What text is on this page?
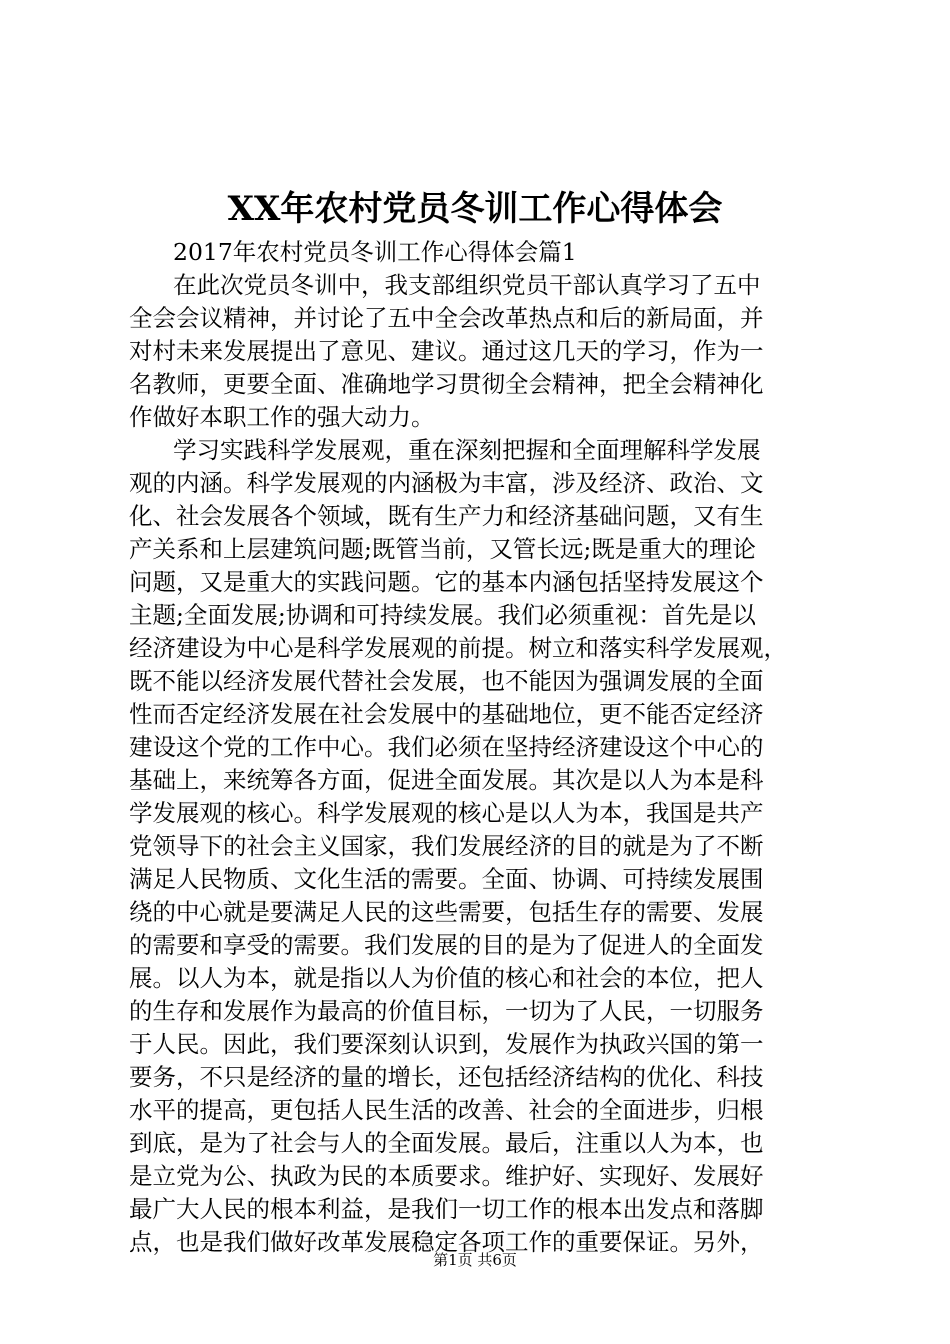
XX年农村党员冬训工作心得体会
2017年农村党员冬训工作心得体会篇1
在此次党员冬训中，我支部组织党员干部认真学习了五中
全会会议精神，并讨论了五中全会改革热点和后的新局面，并
对村未来发展提出了意见、建议。通过这几天的学习，作为一
名教师，更要全面、准确地学习贯彻全会精神，把全会精神化
作做好本职工作的强大动力。
学习实践科学发展观，重在深刻把握和全面理解科学发展
观的内涵。科学发展观的内涵极为丰富，涉及经济、政治、文
化、社会发展各个领域，既有生产力和经济基础问题，又有生
产关系和上层建筑问题;既管当前，又管长远;既是重大的理论
问题，又是重大的实践问题。它的基本内涵包括坚持发展这个
主题;全面发展;协调和可持续发展。我们必须重视：首先是以
经济建设为中心是科学发展观的前提。树立和落实科学发展观，
既不能以经济发展代替社会发展，也不能因为强调发展的全面
性而否定经济发展在社会发展中的基础地位，更不能否定经济
建设这个党的工作中心。我们必须在坚持经济建设这个中心的
基础上，来统筹各方面，促进全面发展。其次是以人为本是科
学发展观的核心。科学发展观的核心是以人为本，我国是共产
党领导下的社会主义国家，我们发展经济的目的就是为了不断
满足人民物质、文化生活的需要。全面、协调、可持续发展围
绕的中心就是要满足人民的这些需要，包括生存的需要、发展
的需要和享受的需要。我们发展的目的是为了促进人的全面发
展。以人为本，就是指以人为价值的核心和社会的本位，把人
的生存和发展作为最高的价值目标，一切为了人民，一切服务
于人民。因此，我们要深刻认识到，发展作为执政兴国的第一
要务，不只是经济的量的增长，还包括经济结构的优化、科技
水平的提高，更包括人民生活的改善、社会的全面进步，归根
到底，是为了社会与人的全面发展。最后，注重以人为本，也
是立党为公、执政为民的本质要求。维护好、实现好、发展好
最广大人民的根本利益，是我们一切工作的根本出发点和落脚
点，也是我们做好改革发展稳定各项工作的重要保证。另外，
第1页 共6页
